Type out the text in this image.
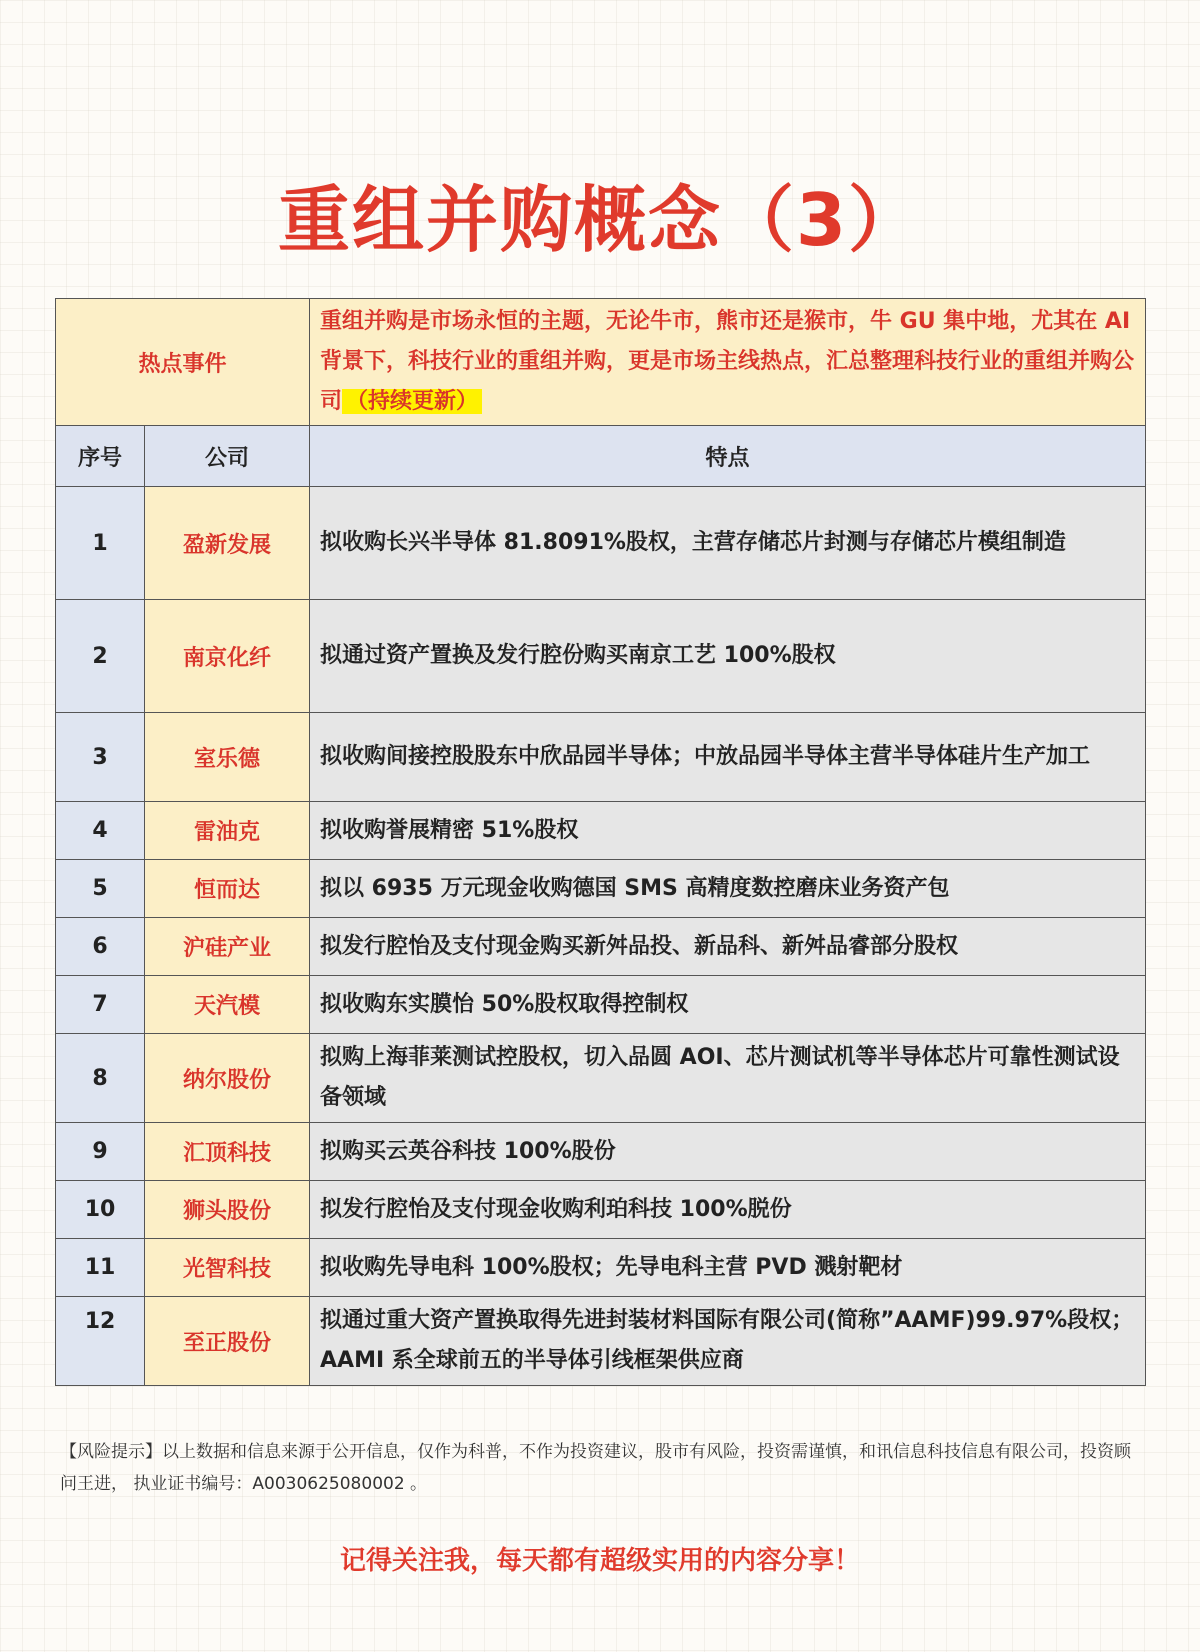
重组并购概念（3）
热点事件		重组并购是市场永恒的主题，无论牛市，熊市还是猴市，牛 GU 集中地，尤其在 AI 背景下，科技行业的重组并购，更是市场主线热点，汇总整理科技行业的重组并购公司 （持续更新）
序号	公司	特点
1	盈新发展	拟收购长兴半导体 81.8091%股权，主营存储芯片封测与存储芯片模组制造
2	南京化纤	拟通过资产置换及发行腔份购买南京工艺 100%股权
3	室乐德	拟收购间接控股股东中欣品园半导体；中放品园半导体主营半导体硅片生产加工
4	雷油克	拟收购誉展精密 51%股权
5	恒而达	拟以 6935 万元现金收购德国 SMS 高精度数控磨床业务资产包
6	沪硅产业	拟发行腔怡及支付现金购买新舛品投、新品科、新舛品睿部分股权
7	天汽模	拟收购东实膜怡 50%股权取得控制权
8	纳尔股份	拟购上海菲莱测试控股权，切入品圆 AOI、芯片测试机等半导体芯片可靠性测试设备领域
9	汇顶科技	拟购买云英谷科技 100%股份
10	狮头股份	拟发行腔怡及支付现金收购利珀科技 100%脱份
11	光智科技	拟收购先导电科 100%股权；先导电科主营 PVD 溅射靶材
12	至正股份	拟通过重大资产置换取得先进封装材料国际有限公司(简称”AAMF)99.97%段权；AAMI 系全球前五的半导体引线框架供应商
【风险提示】以上数据和信息来源于公开信息，仅作为科普，不作为投资建议，股市有风险，投资需谨慎，和讯信息科技信息有限公司，投资顾问王进， 执业证书编号：A0030625080002 。
记得关注我，每天都有超级实用的内容分享！
